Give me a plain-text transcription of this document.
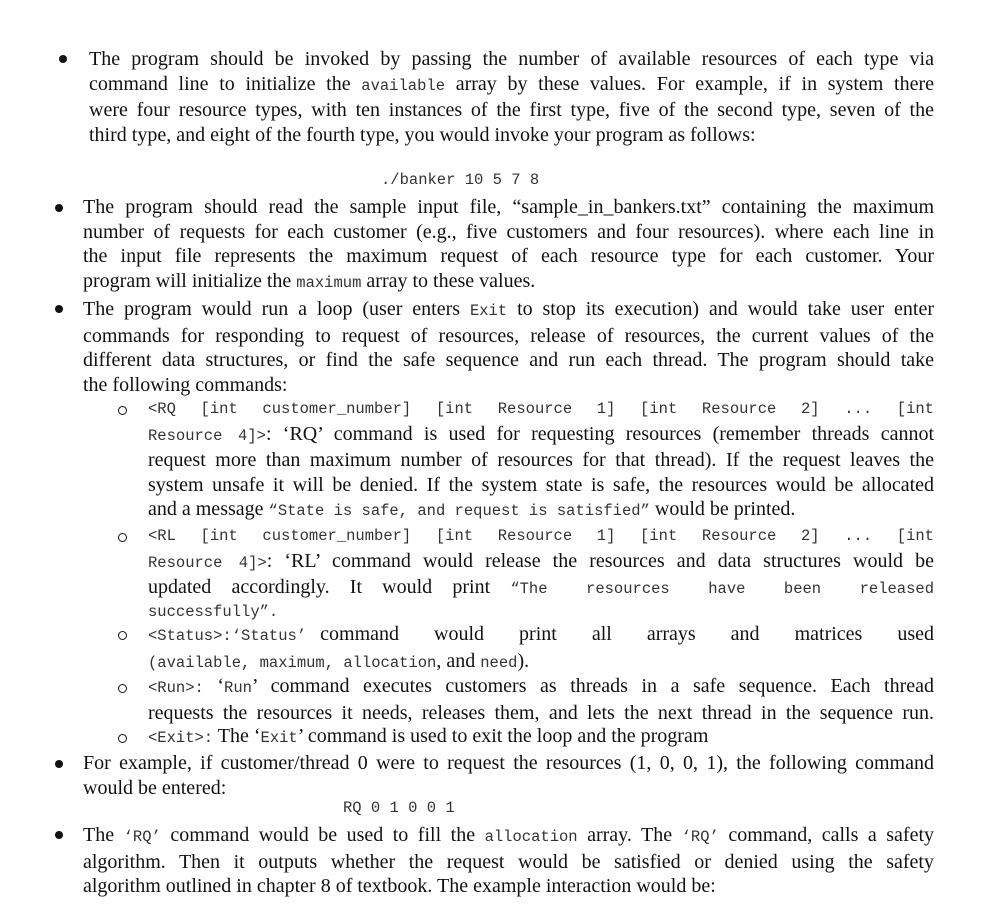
The program should be invoked by passing the number of available resources of each type via
command line to initialize the available array by these values. For example, if in system there
were four resource types, with ten instances of the first type, five of the second type, seven of the
third type, and eight of the fourth type, you would invoke your program as follows:
./banker 10 5 7 8
The program should read the sample input file, “sample_in_bankers.txt” containing the maximum
number of requests for each customer (e.g., five customers and four resources). where each line in
the input file represents the maximum request of each resource type for each customer. Your
program will initialize the maximum array to these values.
The program would run a loop (user enters Exit to stop its execution) and would take user enter
commands for responding to request of resources, release of resources, the current values of the
different data structures, or find the safe sequence and run each thread. The program should take
the following commands:
<RQ [int customer_number] [int Resource 1] [int Resource 2] ... [int
Resource 4]>: ‘RQ’ command is used for requesting resources (remember threads cannot
request more than maximum number of resources for that thread). If the request leaves the
system unsafe it will be denied. If the system state is safe, the resources would be allocated
and a message “State is safe, and request is satisfied” would be printed.
<RL [int customer_number] [int Resource 1] [int Resource 2] ... [int
Resource 4]>: ‘RL’ command would release the resources and data structures would be
updated accordingly. It would print “The resources have been released
successfully”.
<Status>: ‘Status’ command would print all arrays and matrices used
(available, maximum, allocation, and need).
<Run>: ‘Run’ command executes customers as threads in a safe sequence. Each thread
requests the resources it needs, releases them, and lets the next thread in the sequence run.
<Exit>: The ‘Exit’ command is used to exit the loop and the program
For example, if customer/thread 0 were to request the resources (1, 0, 0, 1), the following command
would be entered:
RQ 0 1 0 0 1
The ‘RQ’ command would be used to fill the allocation array. The ‘RQ’ command, calls a safety
algorithm. Then it outputs whether the request would be satisfied or denied using the safety
algorithm outlined in chapter 8 of textbook. The example interaction would be:
